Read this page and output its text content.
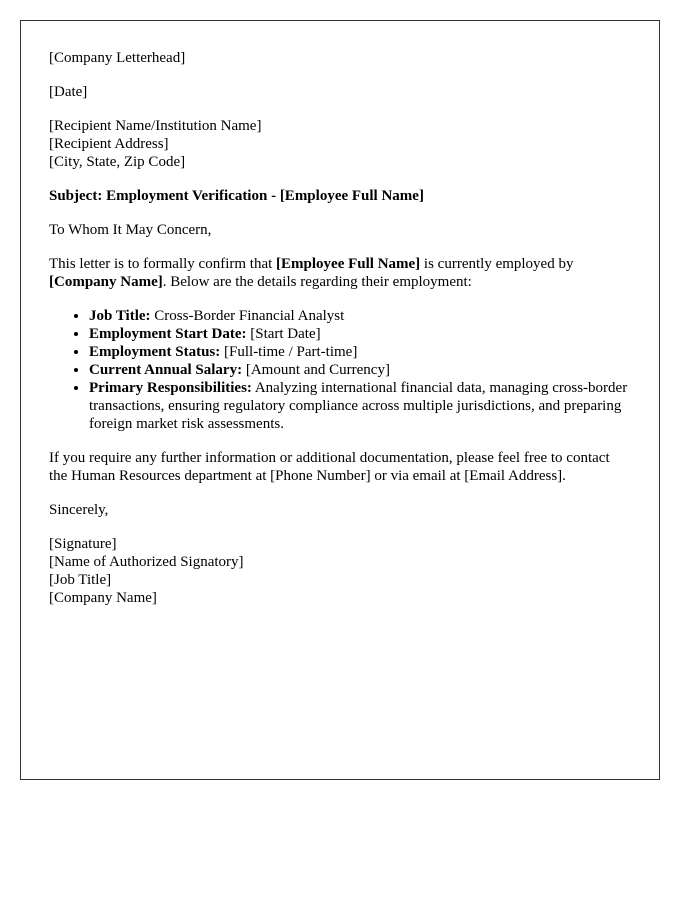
[Company Letterhead]

[Date]

[Recipient Name/Institution Name]
[Recipient Address]
[City, State, Zip Code]

Subject: Employment Verification - [Employee Full Name]

To Whom It May Concern,

This letter is to formally confirm that [Employee Full Name] is currently employed by [Company Name]. Below are the details regarding their employment:

• Job Title: Cross-Border Financial Analyst
• Employment Start Date: [Start Date]
• Employment Status: [Full-time / Part-time]
• Current Annual Salary: [Amount and Currency]
• Primary Responsibilities: Analyzing international financial data, managing cross-border transactions, ensuring regulatory compliance across multiple jurisdictions, and preparing foreign market risk assessments.

If you require any further information or additional documentation, please feel free to contact the Human Resources department at [Phone Number] or via email at [Email Address].

Sincerely,

[Signature]
[Name of Authorized Signatory]
[Job Title]
[Company Name]
